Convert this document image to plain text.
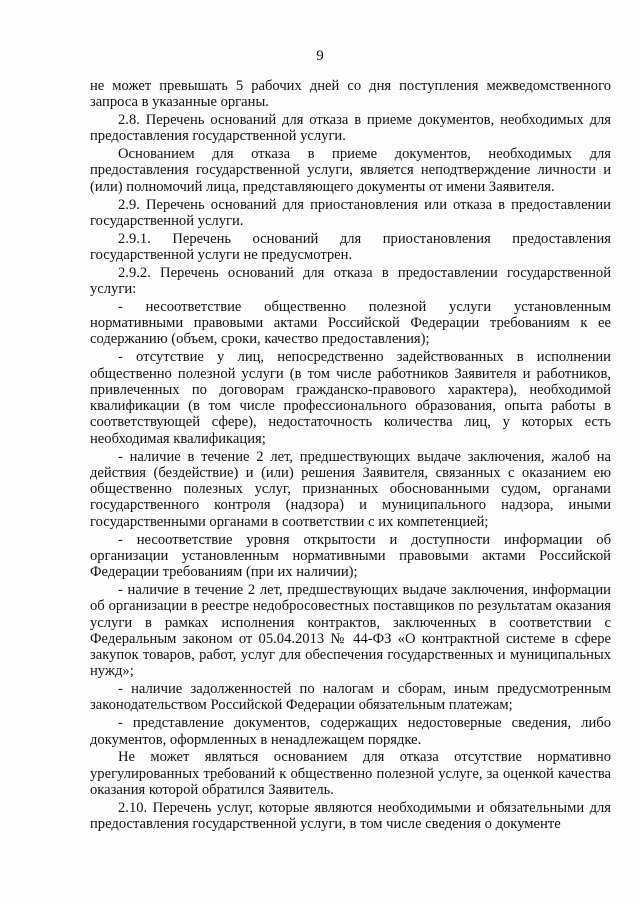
9

не может превышать 5 рабочих дней со дня поступления межведомственного запроса в указанные органы.

2.8. Перечень оснований для отказа в приеме документов, необходимых для предоставления государственной услуги.

Основанием для отказа в приеме документов, необходимых для предоставления государственной услуги, является неподтверждение личности и (или) полномочий лица, представляющего документы от имени Заявителя.

2.9. Перечень оснований для приостановления или отказа в предоставлении государственной услуги.

2.9.1. Перечень оснований для приостановления предоставления государственной услуги не предусмотрен.

2.9.2. Перечень оснований для отказа в предоставлении государственной услуги:

- несоответствие общественно полезной услуги установленным нормативными правовыми актами Российской Федерации требованиям к ее содержанию (объем, сроки, качество предоставления);

- отсутствие у лиц, непосредственно задействованных в исполнении общественно полезной услуги (в том числе работников Заявителя и работников, привлеченных по договорам гражданско-правового характера), необходимой квалификации (в том числе профессионального образования, опыта работы в соответствующей сфере), недостаточность количества лиц, у которых есть необходимая квалификация;

- наличие в течение 2 лет, предшествующих выдаче заключения, жалоб на действия (бездействие) и (или) решения Заявителя, связанных с оказанием ею общественно полезных услуг, признанных обоснованными судом, органами государственного контроля (надзора) и муниципального надзора, иными государственными органами в соответствии с их компетенцией;

- несоответствие уровня открытости и доступности информации об организации установленным нормативными правовыми актами Российской Федерации требованиям (при их наличии);

- наличие в течение 2 лет, предшествующих выдаче заключения, информации об организации в реестре недобросовестных поставщиков по результатам оказания услуги в рамках исполнения контрактов, заключенных в соответствии с Федеральным законом от 05.04.2013 № 44-ФЗ «О контрактной системе в сфере закупок товаров, работ, услуг для обеспечения государственных и муниципальных нужд»;

- наличие задолженностей по налогам и сборам, иным предусмотренным законодательством Российской Федерации обязательным платежам;

- представление документов, содержащих недостоверные сведения, либо документов, оформленных в ненадлежащем порядке.

Не может являться основанием для отказа отсутствие нормативно урегулированных требований к общественно полезной услуге, за оценкой качества оказания которой обратился Заявитель.

2.10. Перечень услуг, которые являются необходимыми и обязательными для предоставления государственной услуги, в том числе сведения о документе
